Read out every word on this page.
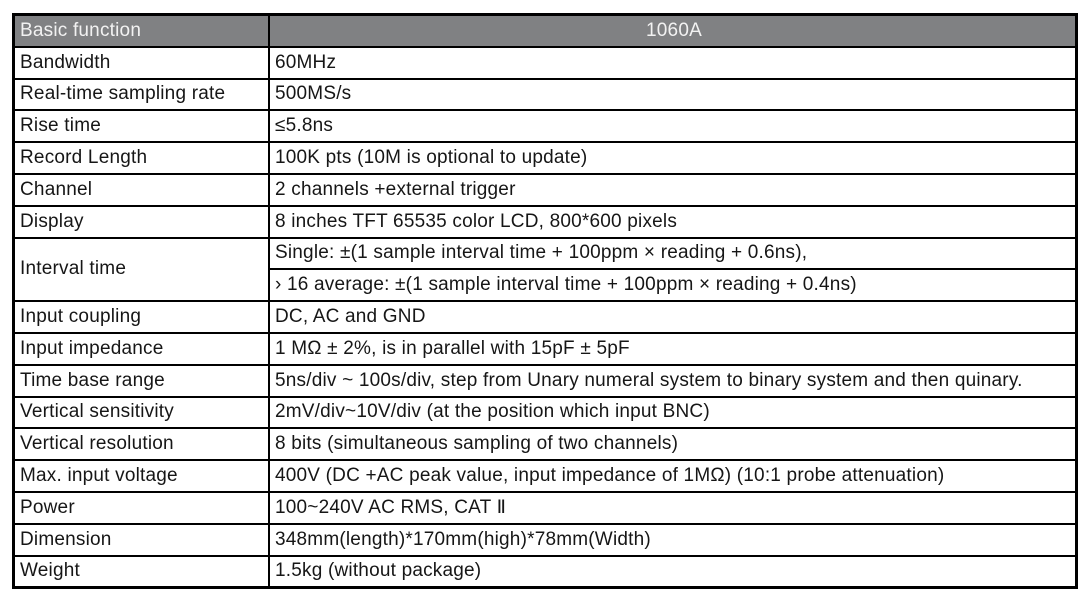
Basic function	1060A
Bandwidth	60MHz
Real-time sampling rate	500MS/s
Rise time	≤5.8ns
Record Length	100K pts (10M is optional to update)
Channel	2 channels +external trigger
Display	8 inches TFT 65535 color LCD, 800*600 pixels
Interval time	Single: ±(1 sample interval time + 100ppm × reading + 0.6ns),
	› 16 average: ±(1 sample interval time + 100ppm × reading + 0.4ns)
Input coupling	DC, AC and GND
Input impedance	1 MΩ ± 2%, is in parallel with 15pF ± 5pF
Time base range	5ns/div ~ 100s/div, step from Unary numeral system to binary system and then quinary.
Vertical sensitivity	2mV/div~10V/div (at the position which input BNC)
Vertical resolution	8 bits (simultaneous sampling of two channels)
Max. input voltage	400V (DC +AC peak value, input impedance of 1MΩ) (10:1 probe attenuation)
Power	100~240V AC RMS, CAT Ⅱ
Dimension	348mm(length)*170mm(high)*78mm(Width)
Weight	1.5kg (without package)
